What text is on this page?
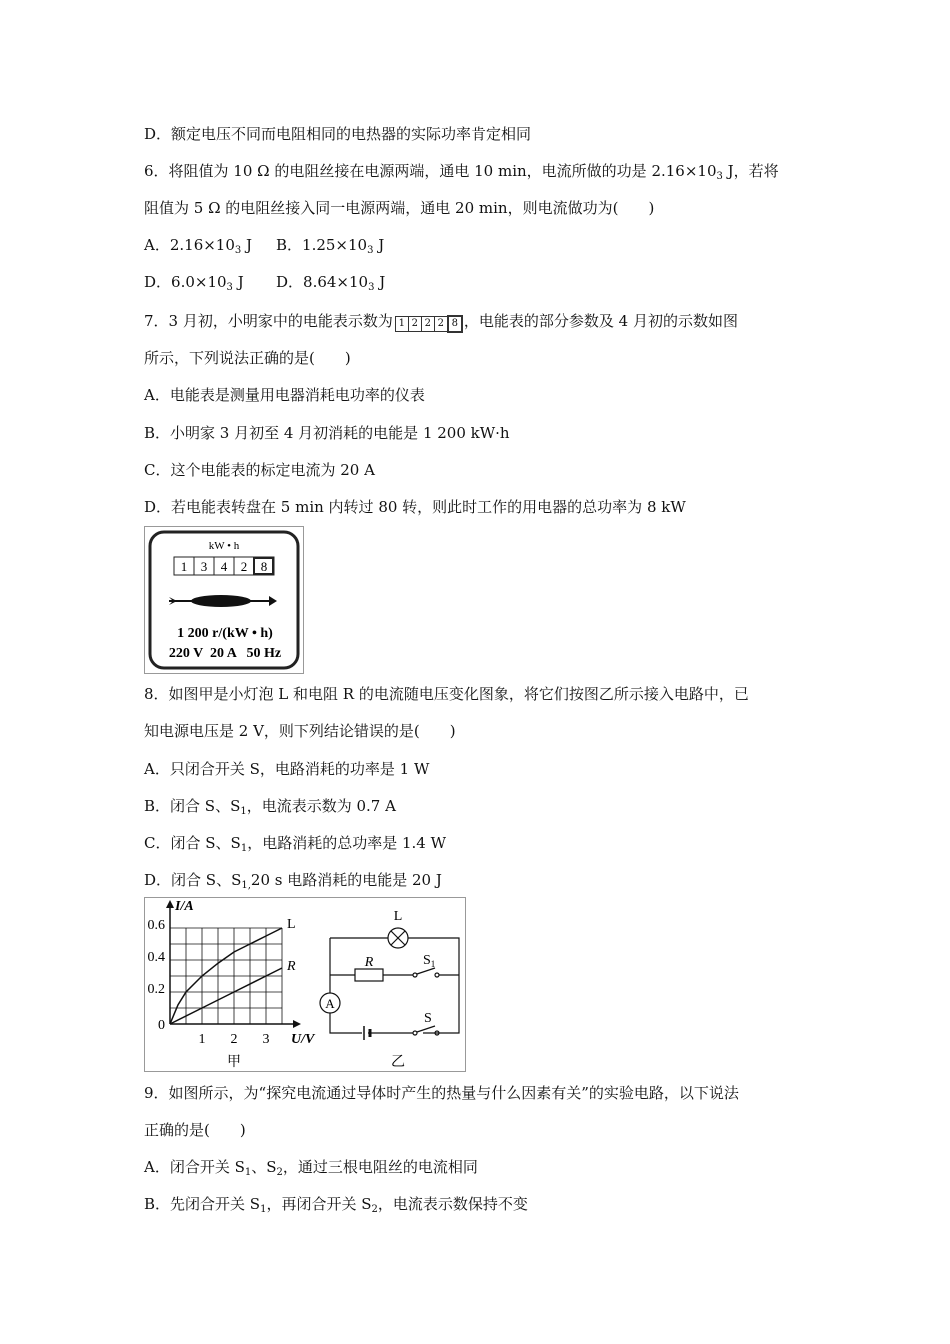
D．额定电压不同而电阻相同的电热器的实际功率肯定相同
6．将阻值为 10 Ω 的电阻丝接在电源两端，通电 10 min，电流所做的功是 $2.16\times 10_3$ J，若将
阻值为 5 Ω 的电阻丝接入同一电源两端，通电 20 min，则电流做功为(　　)
A．$2.16\times 10_3$ J B．$1.25\times 10_3$ J
D．$6.0\times 10_3$ J D．$8.64\times 10_3$ J
7．3 月初，小明家中的电能表示数为 1 2 2 2 8 ，电能表的部分参数及 4 月初的示数如图
所示，下列说法正确的是(　　)
A．电能表是测量用电器消耗电功率的仪表
B．小明家 3 月初至 4 月初消耗的电能是 1 200 kW·h
C．这个电能表的标定电流为 20 A
D．若电能表转盘在 5 min 内转过 80 转，则此时工作的用电器的总功率为 8 kW
kW • h
1 3 4 2 8
1 200 r/(kW • h)
220 V  20 A   50 Hz
8．如图甲是小灯泡 L 和电阻 R 的电流随电压变化图象，将它们按图乙所示接入电路中，已
知电源电压是 2 V，则下列结论错误的是(　　)
A．只闭合开关 S，电路消耗的功率是 1 W
B．闭合 S、$S_1$，电流表示数为 0.7 A
C．闭合 S、$S_1$，电路消耗的总功率是 1.4 W
D．闭合 S、$S_{1,}20$ s 电路消耗的电能是 20 J
I/A
U/V
0.6
0.4
0.2
0
1 2 3
L
R
甲
L
R	$S_1$
S
A
乙
9．如图所示，为“探究电流通过导体时产生的热量与什么因素有关”的实验电路，以下说法
正确的是(　　)
A．闭合开关 $S_1$、$S_2$，通过三根电阻丝的电流相同
B．先闭合开关 $S_1$，再闭合开关 $S_2$，电流表示数保持不变
